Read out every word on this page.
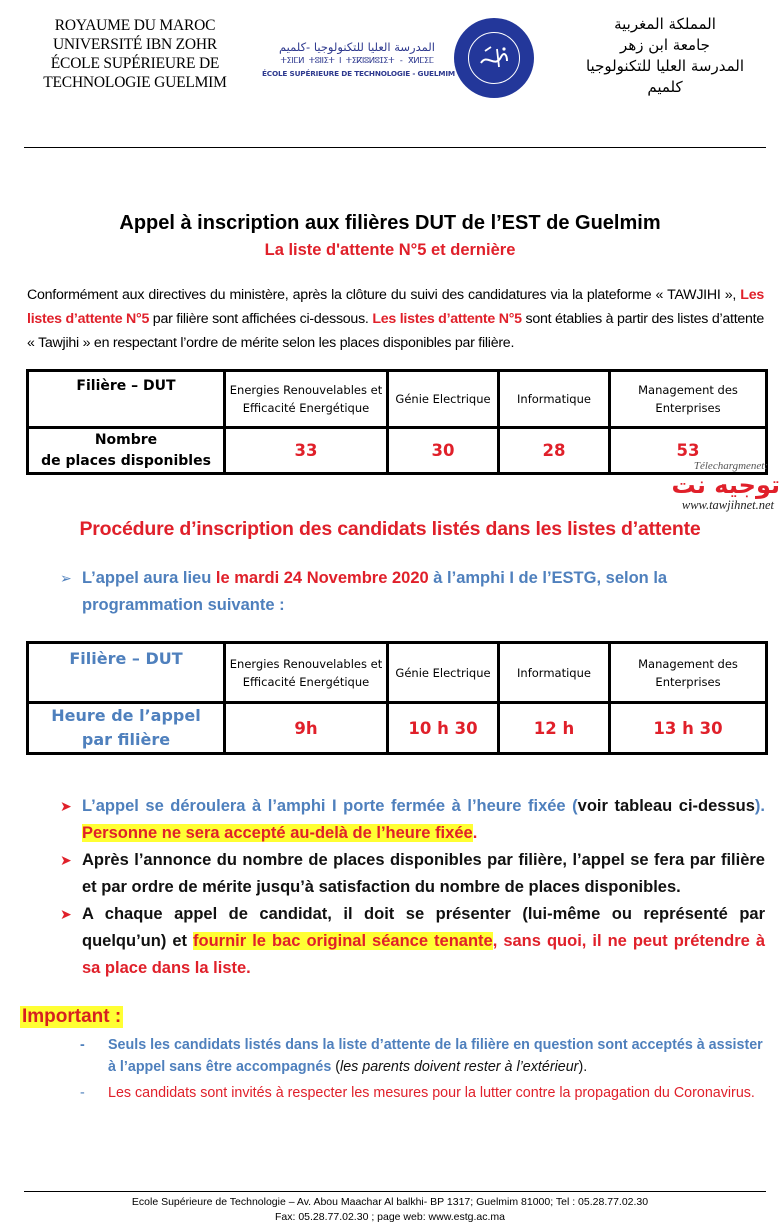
ROYAUME DU MAROC
UNIVERSITÉ IBN ZOHR
ÉCOLE SUPÉRIEURE DE
TECHNOLOGIE GUELMIM
المدرسة العليا للتكنولوجيا -كلميم
ⵜⵉⵏⵎⵍ ⵜⵓⵏⵏⵉⵜ ⵏ ⵜⵉⴽⵏⵓⵍⵓⵊⵉⵜ - ⴳⵍⵎⵉⵎ
ÉCOLE SUPÉRIEURE DE TECHNOLOGIE - GUELMIM
المملكة المغربية
جامعة ابن زهر
المدرسة العليا للتكنولوجيا
كلميم
Appel à inscription aux filières DUT de l’EST de Guelmim
La liste d'attente N°5 et dernière
Conformément aux directives du ministère, après la clôture du suivi des candidatures via la plateforme « TAWJIHI », Les listes d’attente N°5 par filière sont affichées ci-dessous. Les listes d’attente N°5 sont établies à partir des listes d’attente « Tawjihi » en respectant l’ordre de mérite selon les places disponibles par filière.
Filière – DUT	Energies Renouvelables et Efficacité Energétique	Génie Electrique	Informatique	Management des Enterprises

Nombre
de places disponibles	33	30	28	53
Télechargmenet:
توجيه نت
www.tawjihnet.net
Procédure d’inscription des candidats listés dans les listes d’attente
➢ L’appel aura lieu le mardi 24 Novembre 2020 à l’amphi I de l’ESTG, selon la programmation suivante :
Filière – DUT	Energies Renouvelables et Efficacité Energétique	Génie Electrique	Informatique	Management des Enterprises

Heure de l’appel
par filière	9h	10 h 30	12 h	13 h 30
➤ L’appel se déroulera à l’amphi I porte fermée à l’heure fixée (voir tableau ci-dessus). Personne ne sera accepté au-delà de l’heure fixée.
➤ Après l’annonce du nombre de places disponibles par filière, l’appel se fera par filière et par ordre de mérite jusqu’à satisfaction du nombre de places disponibles.
➤ A chaque appel de candidat, il doit se présenter (lui-même ou représenté par quelqu’un) et fournir le bac original séance tenante, sans quoi, il ne peut prétendre à sa place dans la liste.
Important :
- Seuls les candidats listés dans la liste d’attente de la filière en question sont acceptés à assister à l’appel sans être accompagnés (les parents doivent rester à l’extérieur).
- Les candidats sont invités à respecter les mesures pour la lutter contre la propagation du Coronavirus.
Ecole Supérieure de Technologie – Av. Abou Maachar Al balkhi- BP 1317; Guelmim 81000; Tel : 05.28.77.02.30
Fax: 05.28.77.02.30 ; page web: www.estg.ac.ma
